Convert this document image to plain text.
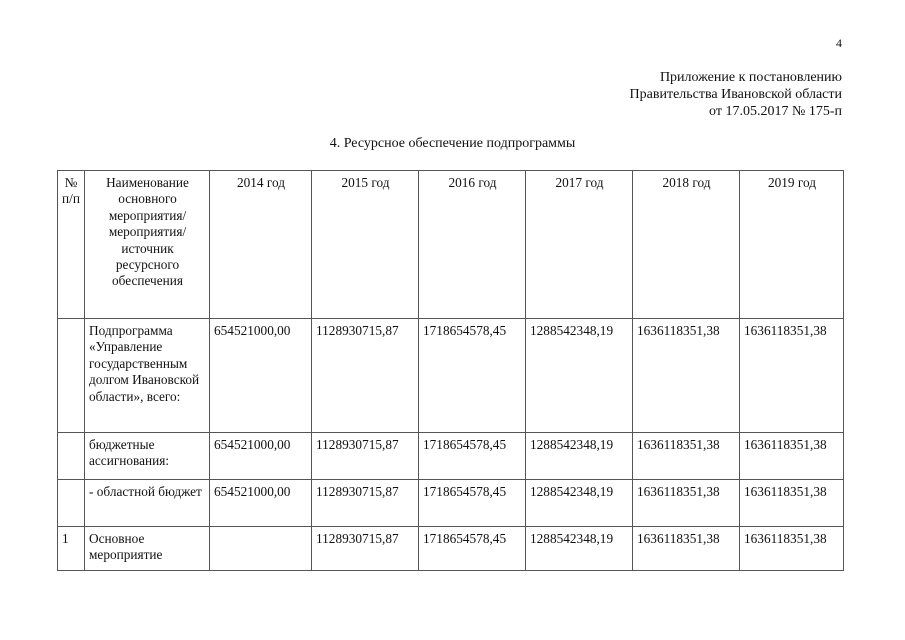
4
Приложение к постановлению
Правительства Ивановской области
от 17.05.2017 № 175-п
4. Ресурсное обеспечение подпрограммы
№ п/п	Наименование основного мероприятия/ мероприятия/ источник ресурсного обеспечения	2014 год	2015 год	2016 год	2017 год	2018 год	2019 год
	Подпрограмма «Управление государственным долгом Ивановской области», всего:	654521000,00	1128930715,87	1718654578,45	1288542348,19	1636118351,38	1636118351,38
	бюджетные ассигнования:	654521000,00	1128930715,87	1718654578,45	1288542348,19	1636118351,38	1636118351,38
	- областной бюджет	654521000,00	1128930715,87	1718654578,45	1288542348,19	1636118351,38	1636118351,38
1	Основное мероприятие		1128930715,87	1718654578,45	1288542348,19	1636118351,38	1636118351,38
